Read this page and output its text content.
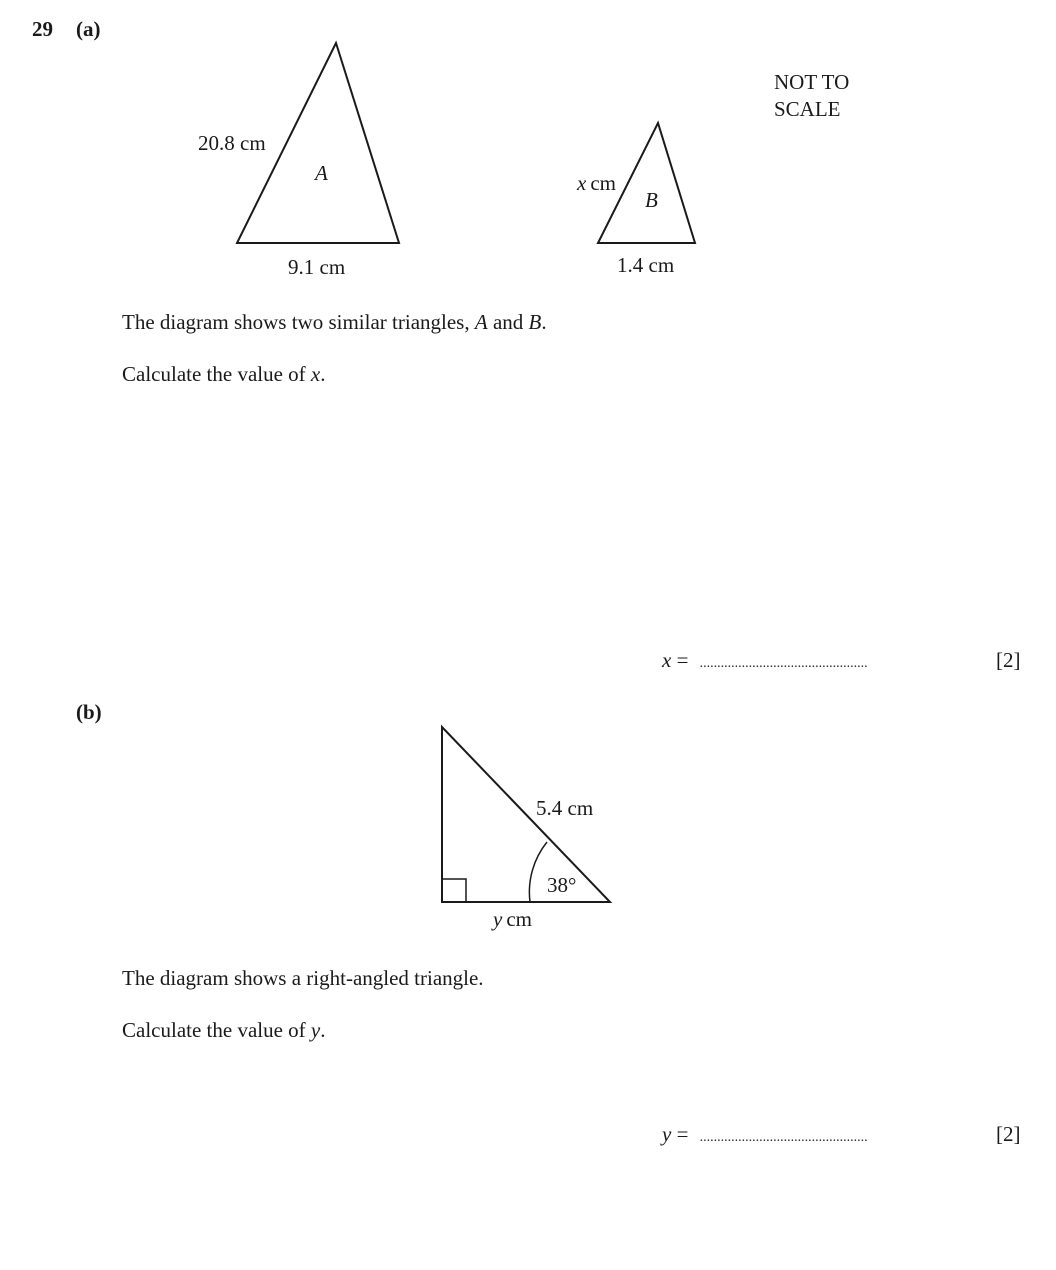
29 (a)
20.8 cm
A
9.1 cm
x cm
B
1.4 cm
NOT TO
SCALE
The diagram shows two similar triangles, A and B.
Calculate the value of x.
x = ................................................	[2]
(b)
5.4 cm
38°
y cm
The diagram shows a right-angled triangle.
Calculate the value of y.
y = ................................................	[2]
